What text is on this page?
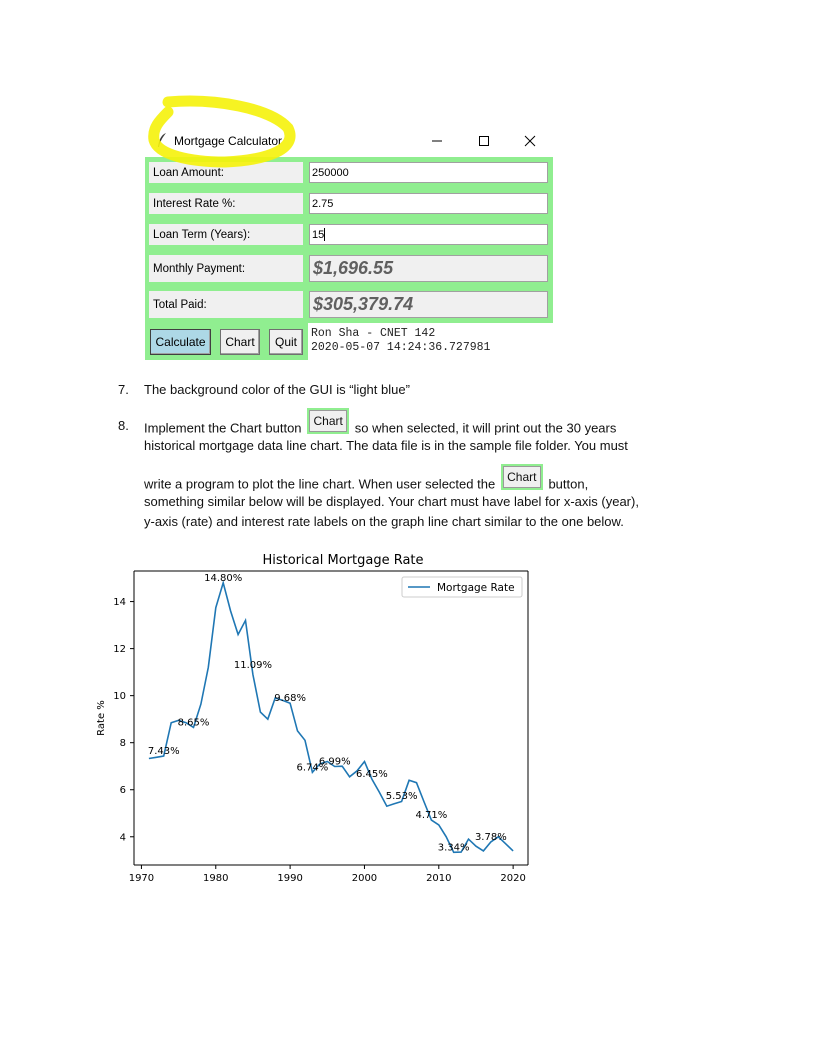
Mortgage Calculator
Loan Amount:	250000
Interest Rate %:	2.75
Loan Term (Years):	15
Monthly Payment:	$1,696.55
Total Paid:	$305,379.74
Calculate	Chart	Quit
Ron Sha - CNET 142
2020-05-07 14:24:36.727981
7. The background color of the GUI is “light blue”
8. Implement the Chart button Chart so when selected, it will print out the 30 years
historical mortgage data line chart. The data file is in the sample file folder. You must
write a program to plot the line chart. When user selected the Chart button,
something similar below will be displayed. Your chart must have label for x-axis (year),
y-axis (rate) and interest rate labels on the graph line chart similar to the one below.
Historical Mortgage Rate
Rate %
1970	1980	1990	2000	2010	2020
4
6
8
10
12
14
7.43%
8.65%
14.80%
11.09%
9.68%
6.74%
6.99%
6.45%
5.53%
4.71%
3.34%
3.78%
Mortgage Rate
